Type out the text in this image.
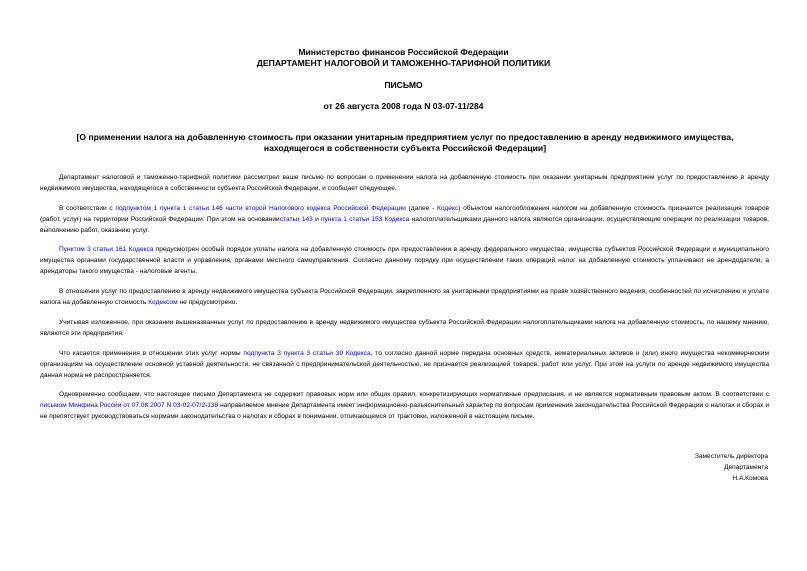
Министерство финансов Российской Федерации
ДЕПАРТАМЕНТ НАЛОГОВОЙ И ТАМОЖЕННО-ТАРИФНОЙ ПОЛИТИКИ
ПИСЬМО
от 26 августа 2008 года N 03-07-11/284
[О применении налога на добавленную стоимость при оказании унитарным предприятием услуг по предоставлению в аренду недвижимого имущества, находящегося в собственности субъекта Российской Федерации]
Департамент налоговой и таможенно-тарифной политики рассмотрел ваше письмо по вопросам о применении налога на добавленную стоимость при оказании унитарным предприятием услуг по предоставлению в аренду недвижимого имущества, находящегося в собственности субъекта Российской Федерации, и сообщает следующее.
В соответствии с подпунктом 1 пункта 1 статьи 146 части второй Налогового кодекса Российской Федерации (далее - Кодекс) объектом налогообложения налогом на добавленную стоимость признается реализация товаров (работ, услуг) на территории Российской Федерации. При этом на основаниистатьи 143 и пункта 1 статьи 153 Кодекса налогоплательщиками данного налога являются организации, осуществляющие операции по реализации товаров, выполнению работ, оказанию услуг.
Пунктом 3 статьи 161 Кодекса предусмотрен особый порядок уплаты налога на добавленную стоимость при предоставлении в аренду федерального имущества, имущества субъектов Российской Федерации и муниципального имущества органами государственной власти и управления, органами местного самоуправления. Согласно данному порядку при осуществлении таких операций налог на добавленную стоимость уплачивают не арендодатели, а арендаторы такого имущества - налоговые агенты.
В отношении услуг по предоставлению в аренду недвижимого имущества субъекта Российской Федерации, закрепленного за унитарными предприятиями на праве хозяйственного ведения, особенностей по исчислению и уплате налога на добавленную стоимость Кодексом не предусмотрено.
Учитывая изложенное, при оказании вышеназванных услуг по предоставлению в аренду недвижимого имущества субъекта Российской Федерации налогоплательщиками налога на добавленную стоимость, по нашему мнению, являются эти предприятия.
Что касается применения в отношении этих услуг нормы подпункта 3 пункта 3 статьи 39 Кодекса, то согласно данной норме передача основных средств, нематериальных активов и (или) иного имущества некоммерческим организациям на осуществление основной уставной деятельности, не связанной с предпринимательской деятельностью, не признается реализацией товаров, работ или услуг. При этом на услуги по аренде недвижимого имущества данная норма не распространяется.
Одновременно сообщаем, что настоящее письмо Департамента не содержит правовых норм или общих правил, конкретизирующих нормативные предписания, и не является нормативным правовым актом. В соответствии с письмом Минфина России от 07.08.2007 N 03-02-07/2-138 направляемое мнение Департамента имеет информационно-разъяснительный характер по вопросам применения законодательства Российской Федерации о налогах и сборах и не препятствует руководствоваться нормами законодательства о налогах и сборах в понимании, отличающемся от трактовки, изложенной в настоящем письме.
Заместитель директора
Департамента
Н.А.Комова
